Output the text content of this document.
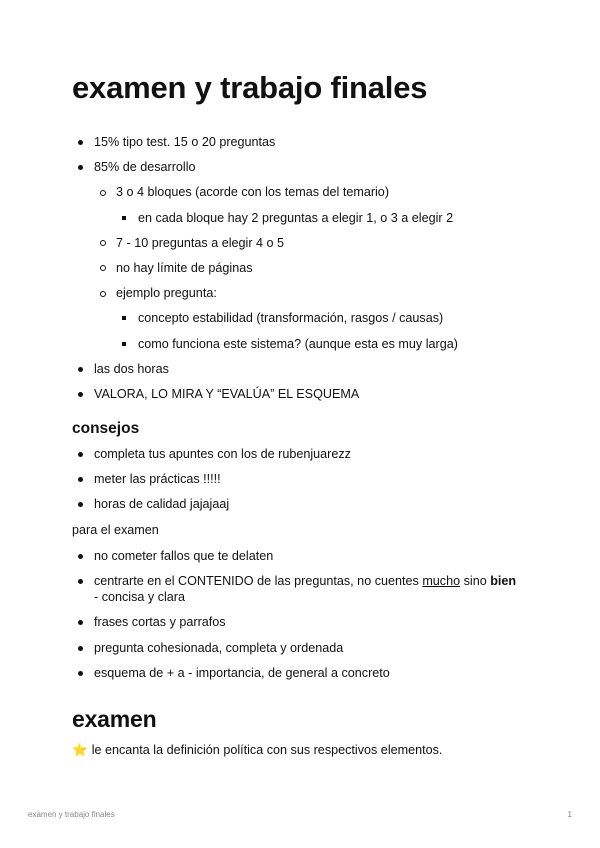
examen y trabajo finales
15% tipo test. 15 o 20 preguntas
85% de desarrollo
3 o 4 bloques (acorde con los temas del temario)
en cada bloque hay 2 preguntas a elegir 1, o 3 a elegir 2
7 - 10 preguntas a elegir 4 o 5
no hay límite de páginas
ejemplo pregunta:
concepto estabilidad (transformación, rasgos / causas)
como funciona este sistema? (aunque esta es muy larga)
las dos horas
VALORA, LO MIRA Y “EVALÚA” EL ESQUEMA
consejos
completa tus apuntes con los de rubenjuarezz
meter las prácticas !!!!!
horas de calidad jajajaaj
para el examen
no cometer fallos que te delaten
centrarte en el CONTENIDO de las preguntas, no cuentes mucho sino bien
- concisa y clara
frases cortas y parrafos
pregunta cohesionada, completa y ordenada
esquema de + a - importancia, de general a concreto
examen
⭐ le encanta la definición política con sus respectivos elementos.
examen y trabajo finales	1
